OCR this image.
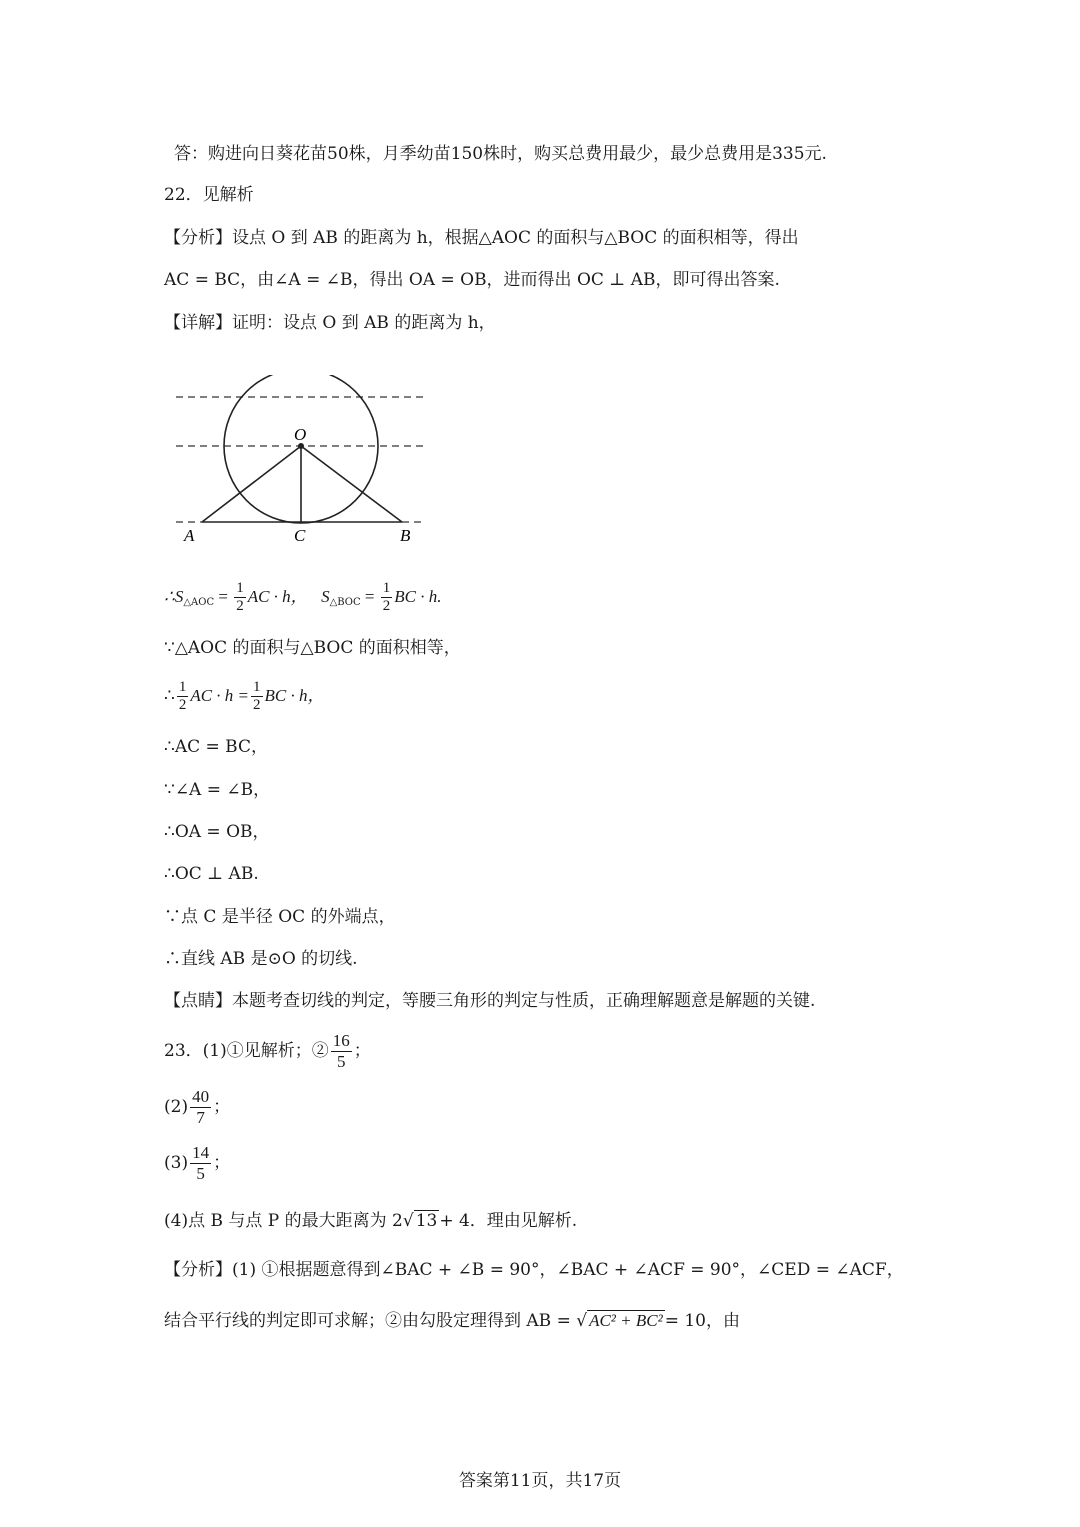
答：购进向日葵花苗50株，月季幼苗150株时，购买总费用最少，最少总费用是335元.
22．见解析
【分析】设点 O 到 AB 的距离为 h，根据△AOC 的面积与△BOC 的面积相等，得出
AC = BC，由∠A = ∠B，得出 OA = OB，进而得出 OC ⊥ AB，即可得出答案.
【详解】证明：设点 O 到 AB 的距离为 h，
O
A	C	B
$\therefore S_{\triangle AOC} = \frac{1}{2}$ AC · h， $S_{\triangle BOC} = \frac{1}{2}$ BC · h.
∵△AOC 的面积与△BOC 的面积相等，
∴ $\frac{1}{2}$ AC · $h = \frac{1}{2}$ BC · h，
∴AC = BC，
∵∠A = ∠B，
∴OA = OB，
∴OC ⊥ AB.
∵点 C 是半径 OC 的外端点，
∴直线 AB 是⊙O 的切线.
【点睛】本题考查切线的判定，等腰三角形的判定与性质，正确理解题意是解题的关键.
23．(1)①见解析；② $\frac{16}{5}$ ；
$(2) \frac{40}{7}$ ；
$(3) \frac{14}{5}$ ；
(4)点 B 与点 P 的最大距离为 2√ 13 + 4．理由见解析.
【分析】(1) ①根据题意得到∠BAC + ∠B = 90°，∠BAC + ∠ACF = 90°，∠CED = ∠ACF，
结合平行线的判定即可求解；②由勾股定理得到 AB = √ AC² + BC² = 10，由
答案第11页，共17页
